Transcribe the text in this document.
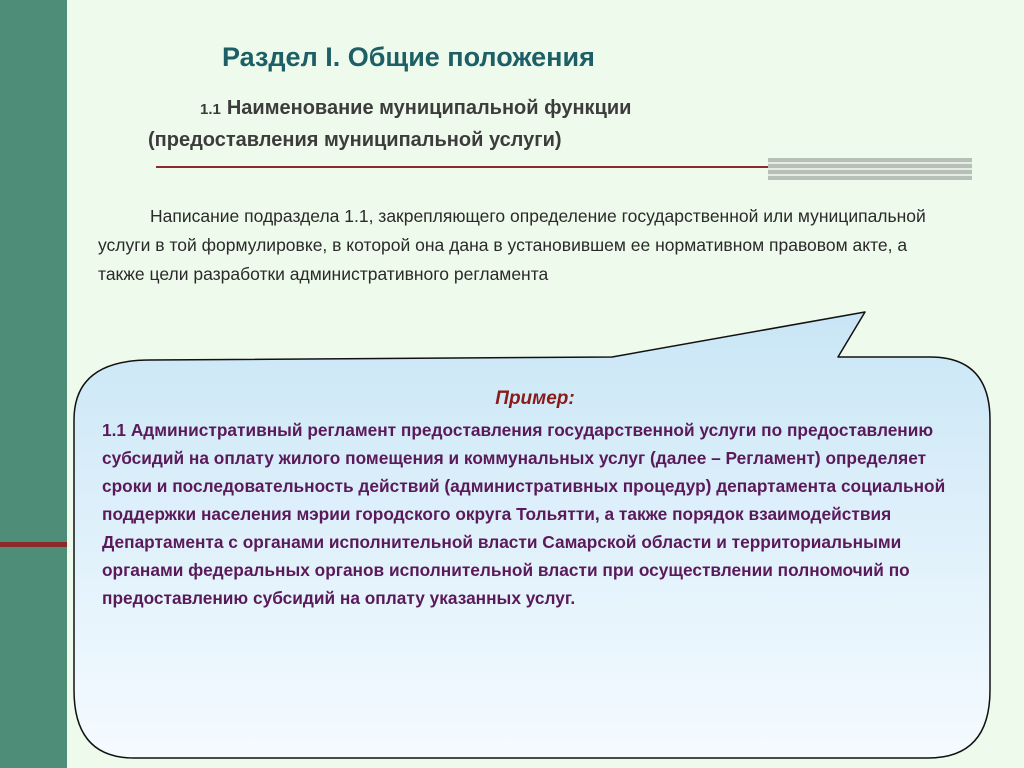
Раздел I. Общие положения

1.1 Наименование муниципальной функции

(предоставления муниципальной услуги)

Написание подраздела 1.1, закрепляющего определение государственной или муниципальной услуги в той формулировке, в которой она дана в установившем ее нормативном правовом акте, а также цели разработки административного регламента

Пример:

1.1 Административный регламент предоставления государственной услуги по предоставлению субсидий на оплату жилого помещения и коммунальных услуг (далее – Регламент) определяет сроки и последовательность действий (административных процедур) департамента социальной поддержки населения мэрии городского округа Тольятти, а также порядок взаимодействия Департамента с органами исполнительной власти Самарской области и территориальными органами федеральных органов исполнительной власти при осуществлении полномочий по предоставлению субсидий на оплату указанных услуг.
